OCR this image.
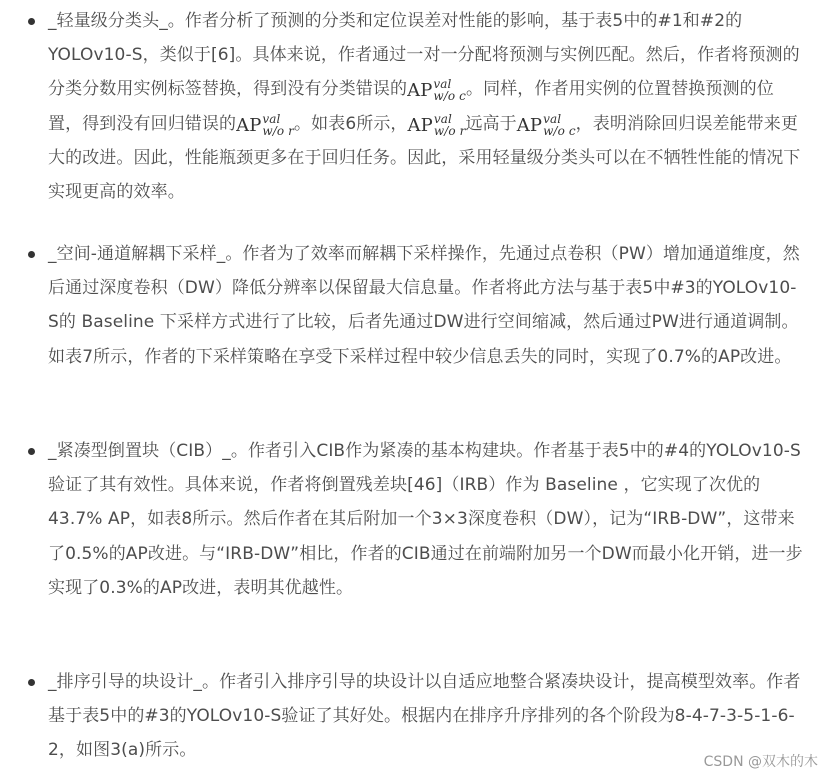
_轻量级分类头_。作者分析了预测的分类和定位误差对性能的影响，基于表5中的#1和#2的YOLOv10-S，类似于[6]。具体来说，作者通过一对一分配将预测与实例匹配。然后，作者将预测的分类分数用实例标签替换，得到没有分类错误的AP val
w/o c 。同样，作者用实例的位置替换预测的位置，得到没有回归错误的AP val
w/o r 。如表6所示，AP val
w/o r 远高于AP val
w/o c ，表明消除回归误差能带来更大的改进。因此，性能瓶颈更多在于回归任务。因此，采用轻量级分类头可以在不牺牲性能的情况下实现更高的效率。
_空间-通道解耦下采样_。作者为了效率而解耦下采样操作，先通过点卷积（PW）增加通道维度，然后通过深度卷积（DW）降低分辨率以保留最大信息量。作者将此方法与基于表5中#3的YOLOv10-S的 Baseline 下采样方式进行了比较，后者先通过DW进行空间缩减，然后通过PW进行通道调制。如表7所示，作者的下采样策略在享受下采样过程中较少信息丢失的同时，实现了0.7%的AP改进。
_紧凑型倒置块（CIB）_。作者引入CIB作为紧凑的基本构建块。作者基于表5中的#4的YOLOv10-S验证了其有效性。具体来说，作者将倒置残差块[46]（IRB）作为 Baseline ，它实现了次优的43.7% AP，如表8所示。然后作者在其后附加一个3×3深度卷积（DW），记为“IRB-DW”，这带来了0.5%的AP改进。与“IRB-DW”相比，作者的CIB通过在前端附加另一个DW而最小化开销，进一步实现了0.3%的AP改进，表明其优越性。
_排序引导的块设计_。作者引入排序引导的块设计以自适应地整合紧凑块设计，提高模型效率。作者基于表5中的#3的YOLOv10-S验证了其好处。根据内在排序升序排列的各个阶段为8-4-7-3-5-1-6-2，如图3(a)所示。
CSDN @双木的木
